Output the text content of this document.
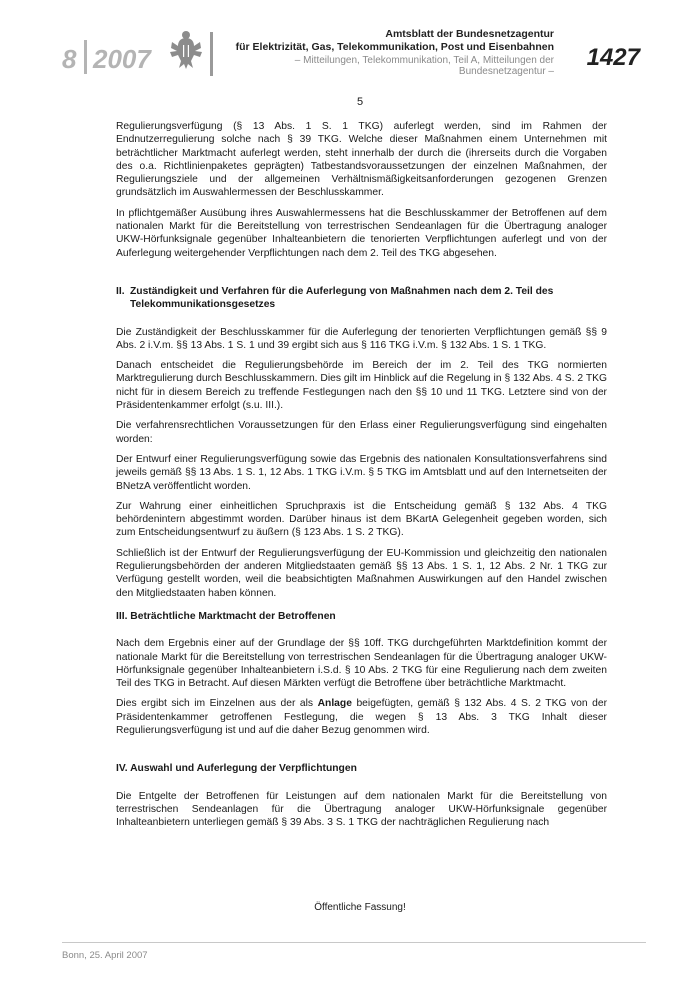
8 2007
Amtsblatt der Bundesnetzagentur
für Elektrizität, Gas, Telekommunikation, Post und Eisenbahnen
– Mitteilungen, Telekommunikation, Teil A, Mitteilungen der Bundesnetzagentur –
1427
5

Regulierungsverfügung (§ 13 Abs. 1 S. 1 TKG) auferlegt werden, sind im Rahmen der Endnutzerregulierung solche nach § 39 TKG. Welche dieser Maßnahmen einem Unternehmen mit beträchtlicher Marktmacht auferlegt werden, steht innerhalb der durch die (ihrerseits durch die Vorgaben des o.a. Richtlinienpaketes geprägten) Tatbestandsvoraussetzungen der einzelnen Maßnahmen, der Regulierungsziele und der allgemeinen Verhältnismäßigkeitsanforderungen gezogenen Grenzen grundsätzlich im Auswahlermessen der Beschlusskammer.

In pflichtgemäßer Ausübung ihres Auswahlermessens hat die Beschlusskammer der Betroffenen auf dem nationalen Markt für die Bereitstellung von terrestrischen Sendeanlagen für die Übertragung analoger UKW-Hörfunksignale gegenüber Inhalteanbietern die tenorierten Verpflichtungen auferlegt und von der Auferlegung weitergehender Verpflichtungen nach dem 2. Teil des TKG abgesehen.

II. Zuständigkeit und Verfahren für die Auferlegung von Maßnahmen nach dem 2. Teil des Telekommunikationsgesetzes

Die Zuständigkeit der Beschlusskammer für die Auferlegung der tenorierten Verpflichtungen gemäß §§ 9 Abs. 2 i.V.m. §§ 13 Abs. 1 S. 1 und 39 ergibt sich aus § 116 TKG i.V.m. § 132 Abs. 1 S. 1 TKG.

Danach entscheidet die Regulierungsbehörde im Bereich der im 2. Teil des TKG normierten Marktregulierung durch Beschlusskammern. Dies gilt im Hinblick auf die Regelung in § 132 Abs. 4 S. 2 TKG nicht für in diesem Bereich zu treffende Festlegungen nach den §§ 10 und 11 TKG. Letztere sind von der Präsidentenkammer erfolgt (s.u. III.).

Die verfahrensrechtlichen Voraussetzungen für den Erlass einer Regulierungsverfügung sind eingehalten worden:

Der Entwurf einer Regulierungsverfügung sowie das Ergebnis des nationalen Konsultationsverfahrens sind jeweils gemäß §§ 13 Abs. 1 S. 1, 12 Abs. 1 TKG i.V.m. § 5 TKG im Amtsblatt und auf den Internetseiten der BNetzA veröffentlicht worden.

Zur Wahrung einer einheitlichen Spruchpraxis ist die Entscheidung gemäß § 132 Abs. 4 TKG behördenintern abgestimmt worden. Darüber hinaus ist dem BKartA Gelegenheit gegeben worden, sich zum Entscheidungsentwurf zu äußern (§ 123 Abs. 1 S. 2 TKG).

Schließlich ist der Entwurf der Regulierungsverfügung der EU-Kommission und gleichzeitig den nationalen Regulierungsbehörden der anderen Mitgliedstaaten gemäß §§ 13 Abs. 1 S. 1, 12 Abs. 2 Nr. 1 TKG zur Verfügung gestellt worden, weil die beabsichtigten Maßnahmen Auswirkungen auf den Handel zwischen den Mitgliedstaaten haben können.

III. Beträchtliche Marktmacht der Betroffenen

Nach dem Ergebnis einer auf der Grundlage der §§ 10ff. TKG durchgeführten Marktdefinition kommt der nationale Markt für die Bereitstellung von terrestrischen Sendeanlagen für die Übertragung analoger UKW-Hörfunksignale gegenüber Inhalteanbietern i.S.d. § 10 Abs. 2 TKG für eine Regulierung nach dem zweiten Teil des TKG in Betracht. Auf diesen Märkten verfügt die Betroffene über beträchtliche Marktmacht.

Dies ergibt sich im Einzelnen aus der als Anlage beigefügten, gemäß § 132 Abs. 4 S. 2 TKG von der Präsidentenkammer getroffenen Festlegung, die wegen § 13 Abs. 3 TKG Inhalt dieser Regulierungsverfügung ist und auf die daher Bezug genommen wird.

IV. Auswahl und Auferlegung der Verpflichtungen

Die Entgelte der Betroffenen für Leistungen auf dem nationalen Markt für die Bereitstellung von terrestrischen Sendeanlagen für die Übertragung analoger UKW-Hörfunksignale gegenüber Inhalteanbietern unterliegen gemäß § 39 Abs. 3 S. 1 TKG der nachträglichen Regulierung nach

Öffentliche Fassung!
Bonn, 25. April 2007
